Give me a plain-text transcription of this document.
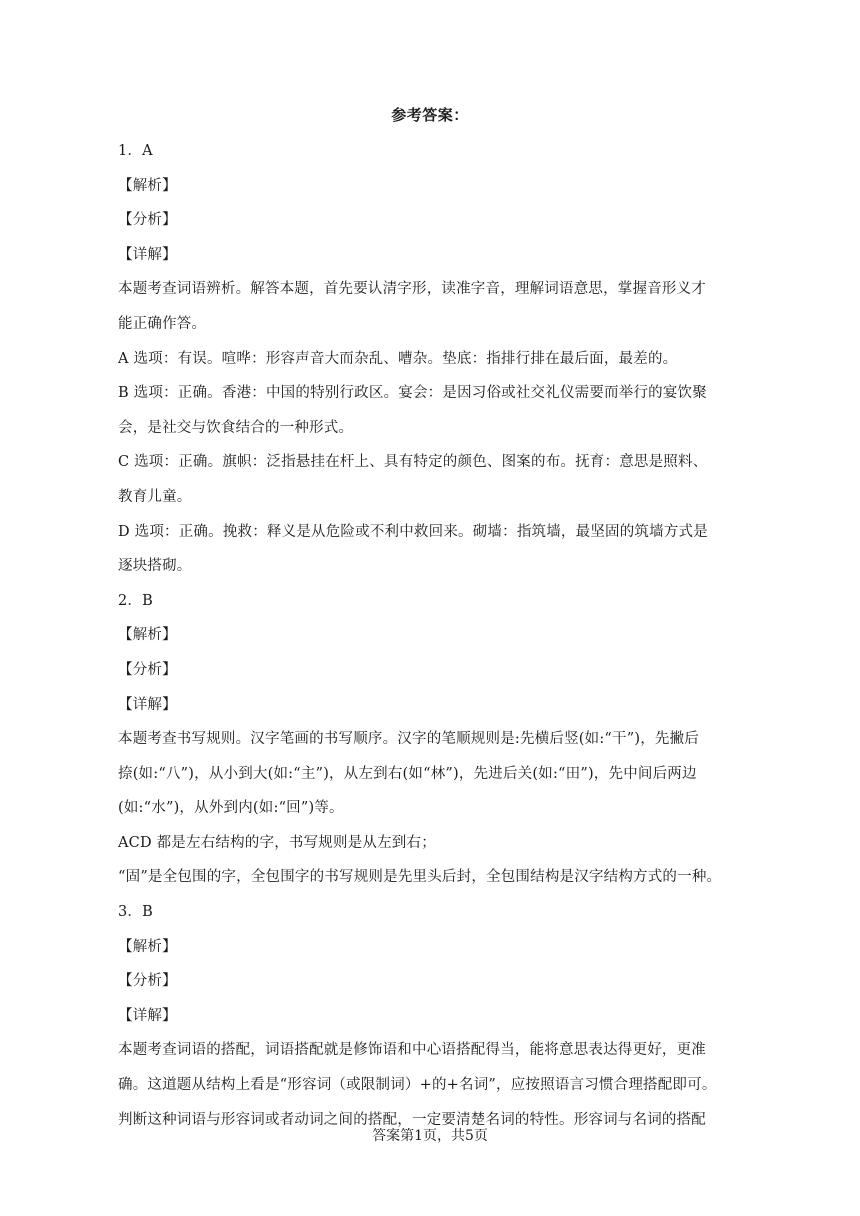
参考答案：
1．A
【解析】
【分析】
【详解】
本题考查词语辨析。解答本题，首先要认清字形，读准字音，理解词语意思，掌握音形义才
能正确作答。
A 选项：有误。喧哗：形容声音大而杂乱、嘈杂。垫底：指排行排在最后面，最差的。
B 选项：正确。香港：中国的特别行政区。宴会：是因习俗或社交礼仪需要而举行的宴饮聚
会，是社交与饮食结合的一种形式。
C 选项：正确。旗帜：泛指悬挂在杆上、具有特定的颜色、图案的布。抚育：意思是照料、
教育儿童。
D 选项：正确。挽救：释义是从危险或不利中救回来。砌墙：指筑墙，最坚固的筑墙方式是
逐块搭砌。
2．B
【解析】
【分析】
【详解】
本题考查书写规则。汉字笔画的书写顺序。汉字的笔顺规则是:先横后竖(如:“干”)，先撇后
捺(如:“八”)，从小到大(如:“主”)，从左到右(如“林”)，先进后关(如:“田”)，先中间后两边
(如:“水”)，从外到内(如:“回”)等。
ACD 都是左右结构的字，书写规则是从左到右；
“固”是全包围的字，全包围字的书写规则是先里头后封，全包围结构是汉字结构方式的一种。
3．B
【解析】
【分析】
【详解】
本题考查词语的搭配，词语搭配就是修饰语和中心语搭配得当，能将意思表达得更好，更准
确。这道题从结构上看是“形容词（或限制词）+的+名词”，应按照语言习惯合理搭配即可。
判断这种词语与形容词或者动词之间的搭配，一定要清楚名词的特性。形容词与名词的搭配
答案第1页，共5页
